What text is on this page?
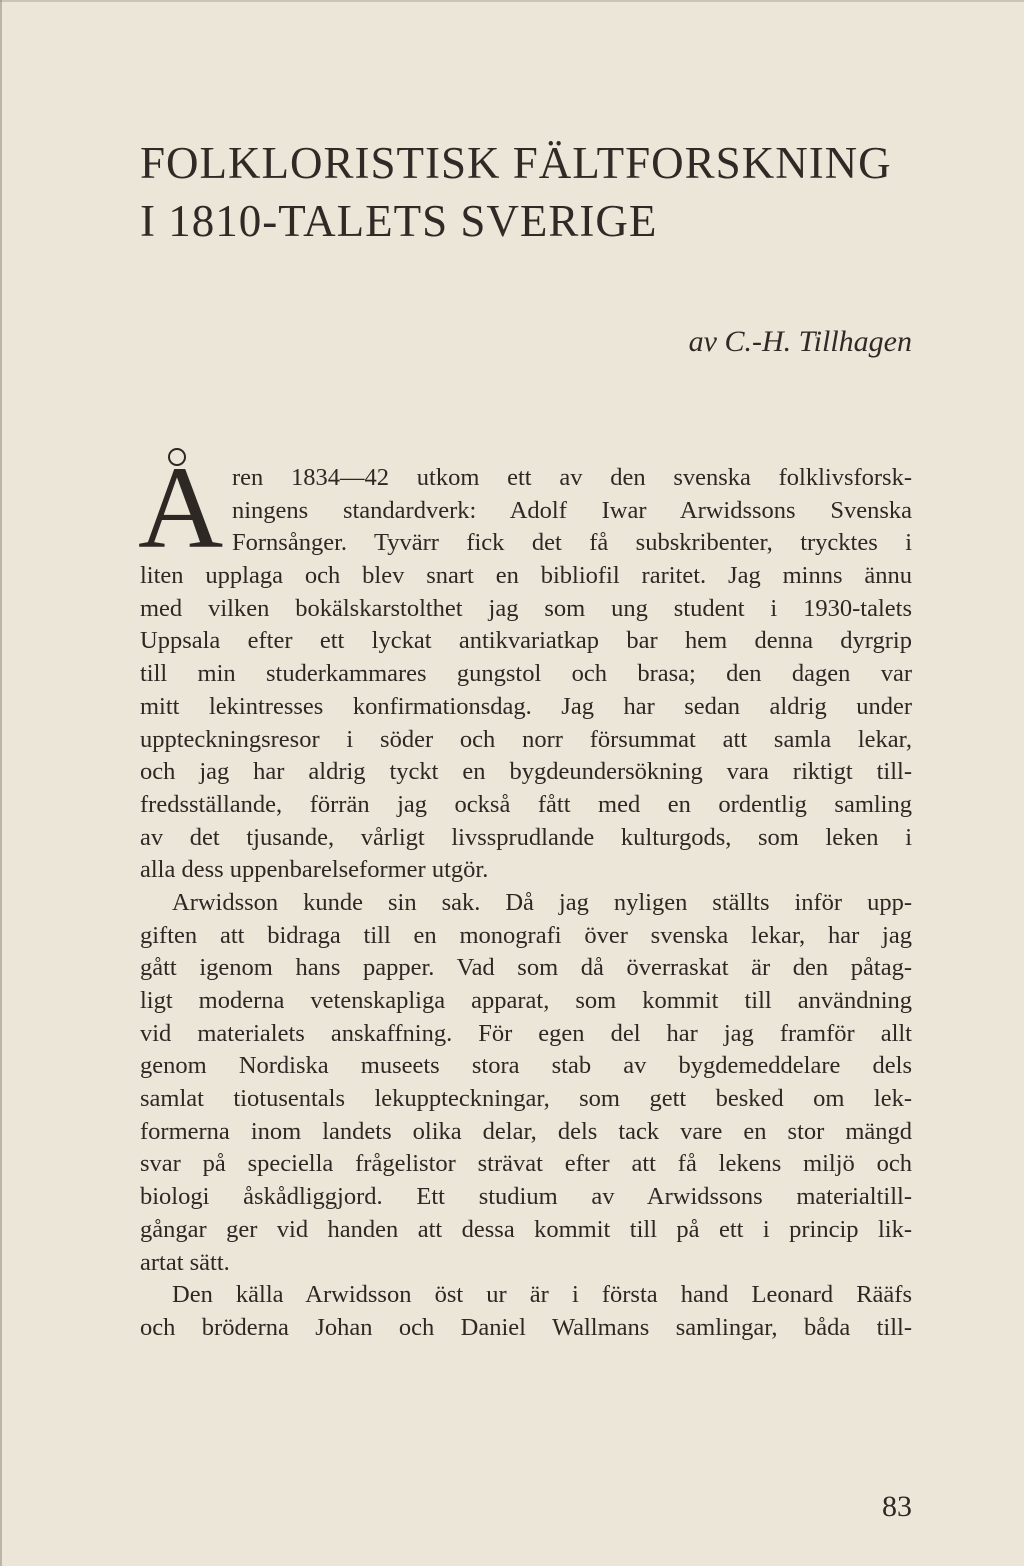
FOLKLORISTISK FÄLTFORSKNING
I 1810-TALETS SVERIGE
av C.-H. Tillhagen
A ren 1834—42 utkom ett av den svenska folklivsforsk-
ningens standardverk: Adolf Iwar Arwidssons Svenska
Fornsånger. Tyvärr fick det få subskribenter, trycktes i
liten upplaga och blev snart en bibliofil raritet. Jag minns ännu
med vilken bokälskarstolthet jag som ung student i 1930-talets
Uppsala efter ett lyckat antikvariatkap bar hem denna dyrgrip
till min studerkammares gungstol och brasa; den dagen var
mitt lekintresses konfirmationsdag. Jag har sedan aldrig under
uppteckningsresor i söder och norr försummat att samla lekar,
och jag har aldrig tyckt en bygdeundersökning vara riktigt till-
fredsställande, förrän jag också fått med en ordentlig samling
av det tjusande, vårligt livssprudlande kulturgods, som leken i
alla dess uppenbarelseformer utgör.
Arwidsson kunde sin sak. Då jag nyligen ställts inför upp-
giften att bidraga till en monografi över svenska lekar, har jag
gått igenom hans papper. Vad som då överraskat är den påtag-
ligt moderna vetenskapliga apparat, som kommit till användning
vid materialets anskaffning. För egen del har jag framför allt
genom Nordiska museets stora stab av bygdemeddelare dels
samlat tiotusentals lekuppteckningar, som gett besked om lek-
formerna inom landets olika delar, dels tack vare en stor mängd
svar på speciella frågelistor strävat efter att få lekens miljö och
biologi åskådliggjord. Ett studium av Arwidssons materialtill-
gångar ger vid handen att dessa kommit till på ett i princip lik-
artat sätt.
Den källa Arwidsson öst ur är i första hand Leonard Rääfs
och bröderna Johan och Daniel Wallmans samlingar, båda till-
83
